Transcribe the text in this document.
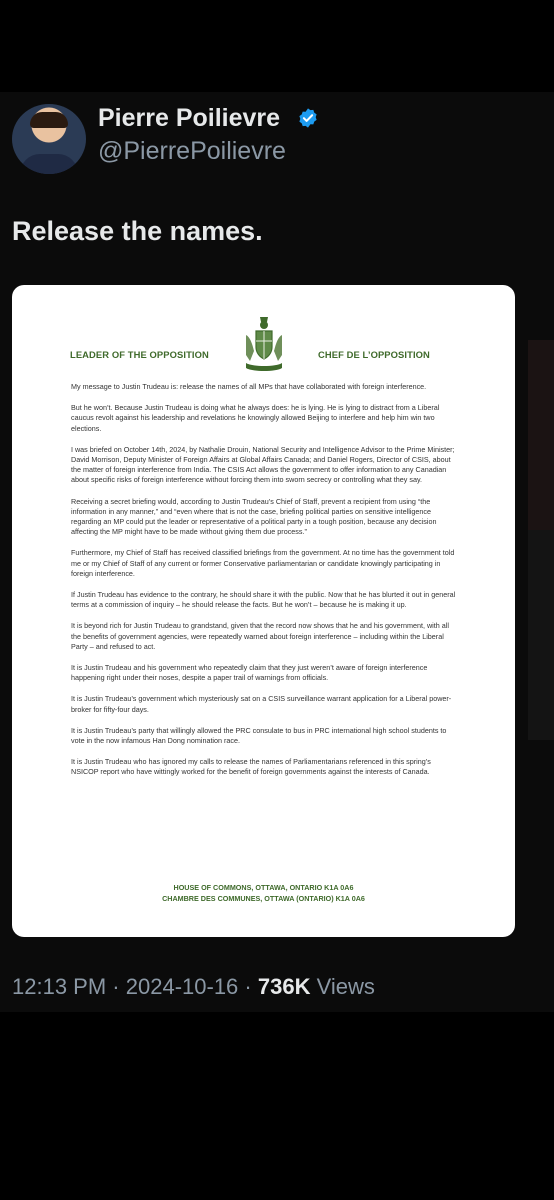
Pierre Poilievre
@PierrePoilievre
Release the names.
LEADER OF THE OPPOSITION	CHEF DE L’OPPOSITION

My message to Justin Trudeau is: release the names of all MPs that have collaborated with foreign interference.

But he won’t. Because Justin Trudeau is doing what he always does: he is lying. He is lying to distract from a Liberal caucus revolt against his leadership and revelations he knowingly allowed Beijing to interfere and help him win two elections.

I was briefed on October 14th, 2024, by Nathalie Drouin, National Security and Intelligence Advisor to the Prime Minister; David Morrison, Deputy Minister of Foreign Affairs at Global Affairs Canada; and Daniel Rogers, Director of CSIS, about the matter of foreign interference from India. The CSIS Act allows the government to offer information to any Canadian about specific risks of foreign interference without forcing them into sworn secrecy or controlling what they say.

Receiving a secret briefing would, according to Justin Trudeau’s Chief of Staff, prevent a recipient from using “the information in any manner,” and “even where that is not the case, briefing political parties on sensitive intelligence regarding an MP could put the leader or representative of a political party in a tough position, because any decision affecting the MP might have to be made without giving them due process.”

Furthermore, my Chief of Staff has received classified briefings from the government. At no time has the government told me or my Chief of Staff of any current or former Conservative parliamentarian or candidate knowingly participating in foreign interference.

If Justin Trudeau has evidence to the contrary, he should share it with the public. Now that he has blurted it out in general terms at a commission of inquiry – he should release the facts. But he won’t – because he is making it up.

It is beyond rich for Justin Trudeau to grandstand, given that the record now shows that he and his government, with all the benefits of government agencies, were repeatedly warned about foreign interference – including within the Liberal Party – and refused to act.

It is Justin Trudeau and his government who repeatedly claim that they just weren’t aware of foreign interference happening right under their noses, despite a paper trail of warnings from officials.

It is Justin Trudeau’s government which mysteriously sat on a CSIS surveillance warrant application for a Liberal power-broker for fifty-four days.

It is Justin Trudeau’s party that willingly allowed the PRC consulate to bus in PRC international high school students to vote in the now infamous Han Dong nomination race.

It is Justin Trudeau who has ignored my calls to release the names of Parliamentarians referenced in this spring’s NSICOP report who have wittingly worked for the benefit of foreign governments against the interests of Canada.

HOUSE OF COMMONS, OTTAWA, ONTARIO K1A 0A6
CHAMBRE DES COMMUNES, OTTAWA (ONTARIO) K1A 0A6
12:13 PM · 2024-10-16 · 736K Views
